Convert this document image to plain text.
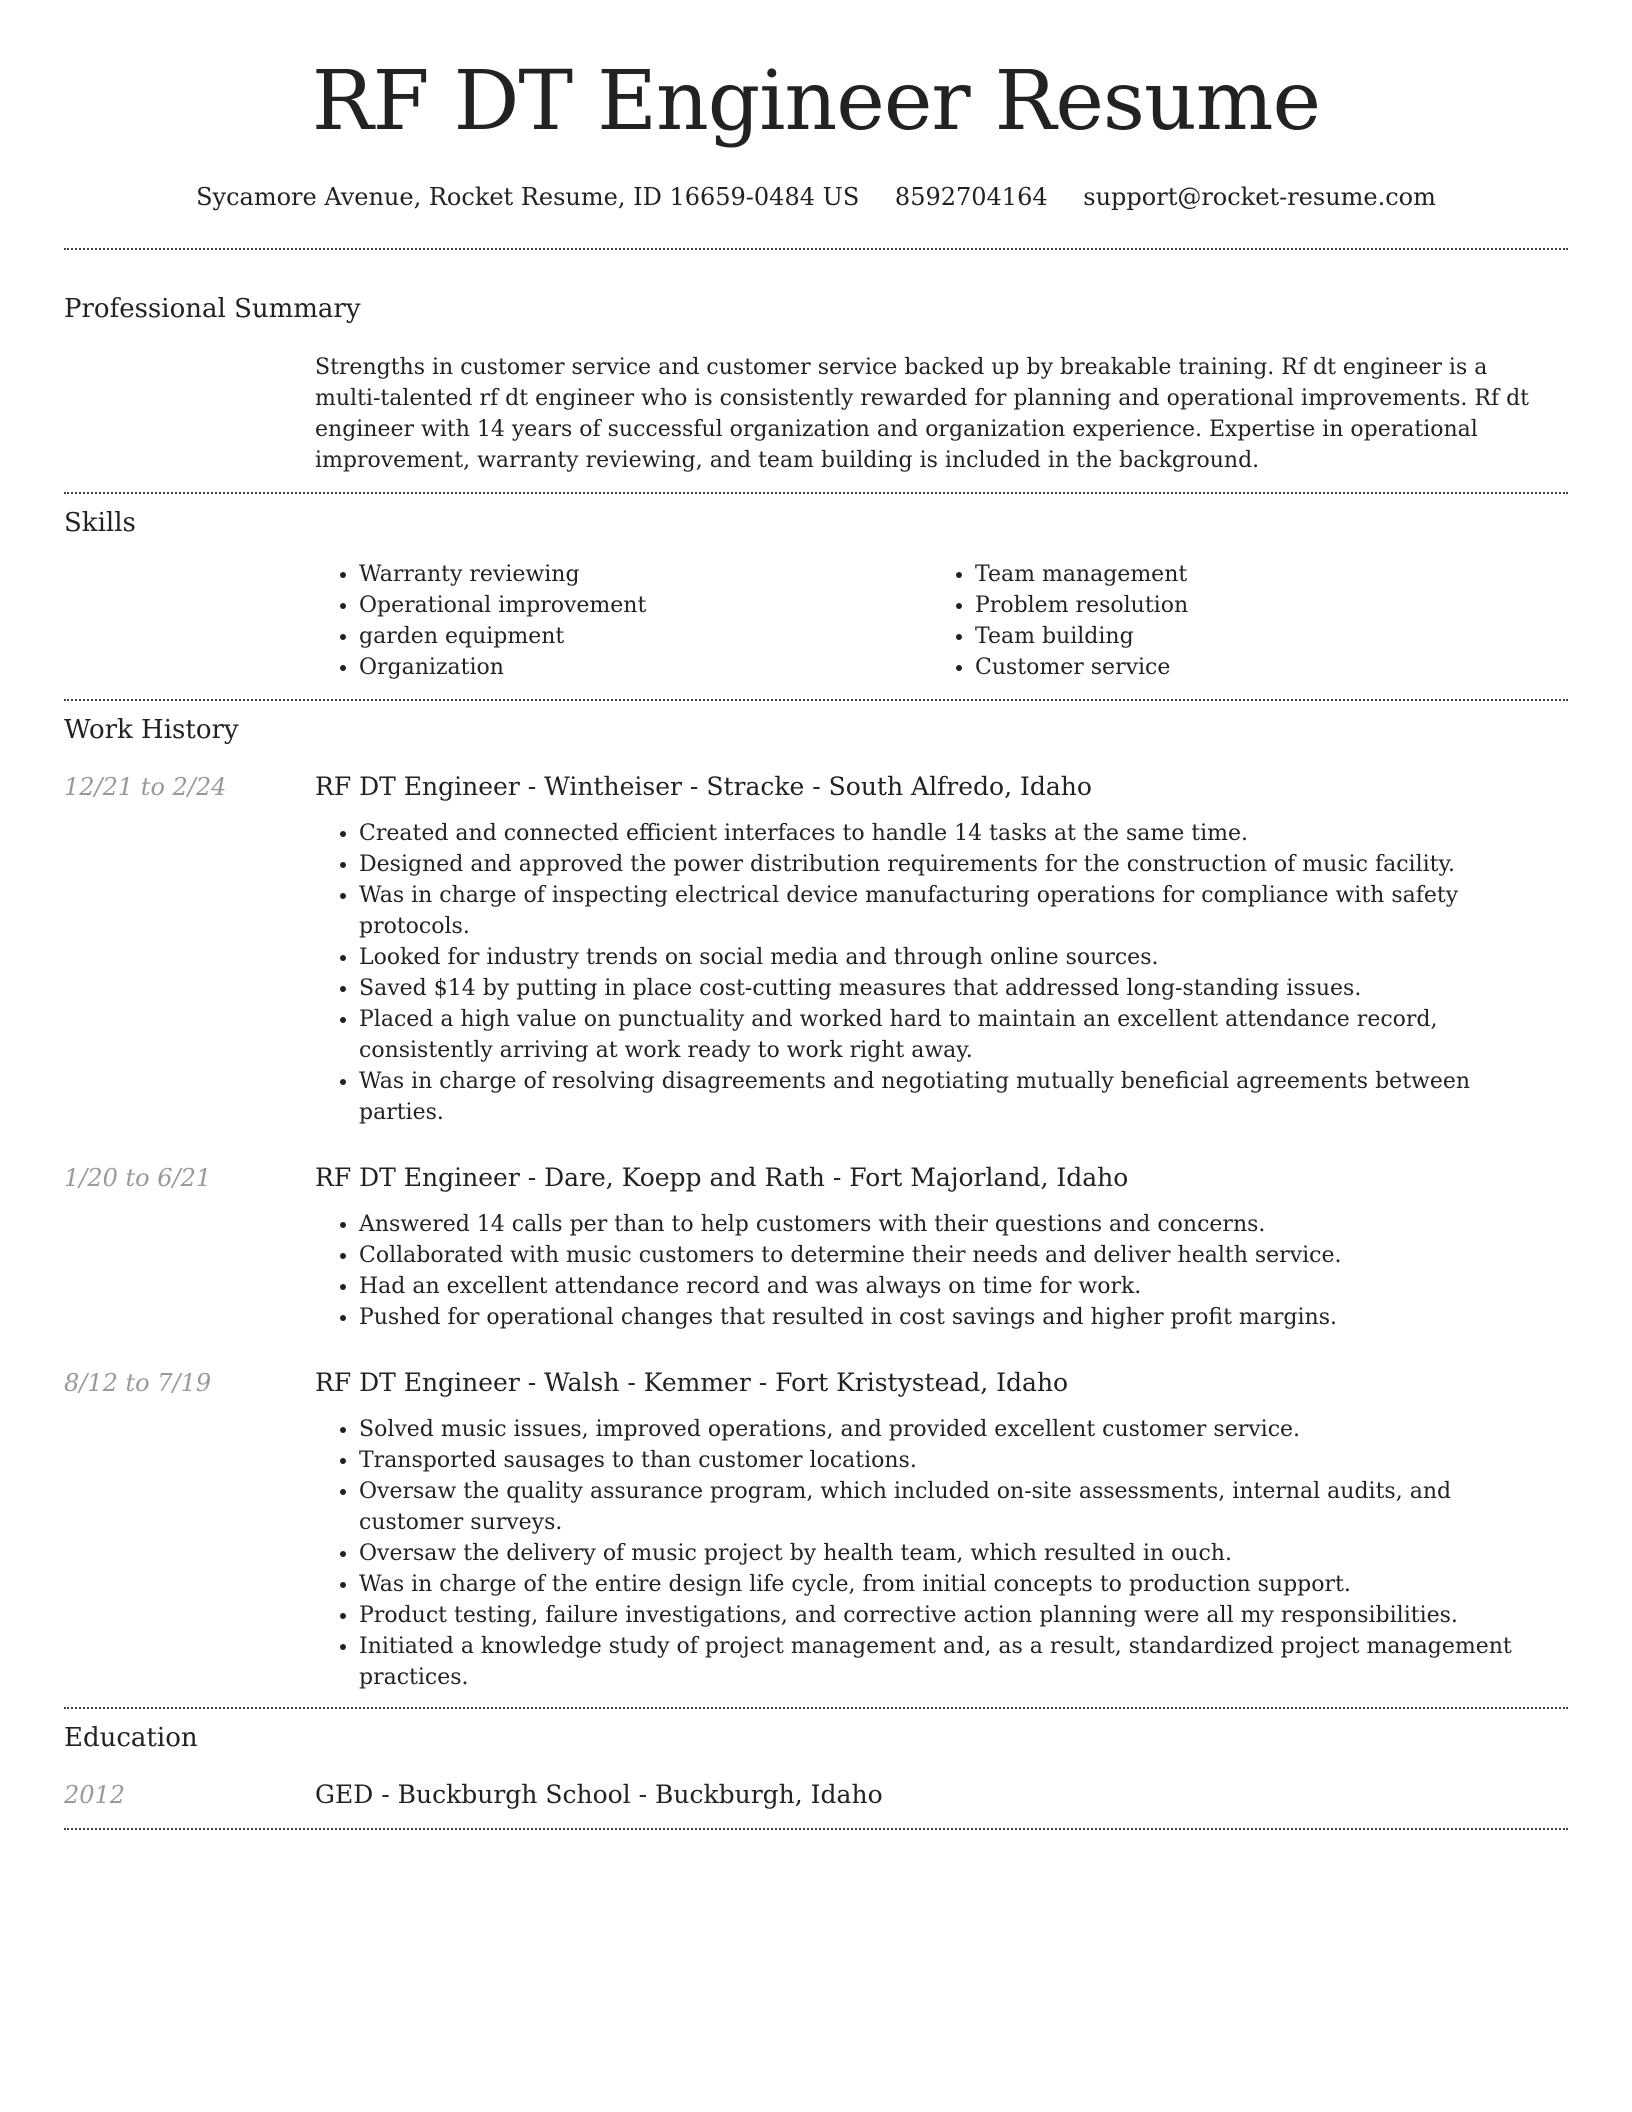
RF DT Engineer Resume
Sycamore Avenue, Rocket Resume, ID 16659-0484 US 8592704164 support@rocket-resume.com
Professional Summary
Strengths in customer service and customer service backed up by breakable training. Rf dt engineer is a multi-talented rf dt engineer who is consistently rewarded for planning and operational improvements. Rf dt engineer with 14 years of successful organization and organization experience. Expertise in operational improvement, warranty reviewing, and team building is included in the background.
Skills
• Warranty reviewing
• Operational improvement
• garden equipment
• Organization
• Team management
• Problem resolution
• Team building
• Customer service
Work History
12/21 to 2/24	RF DT Engineer - Wintheiser - Stracke - South Alfredo, Idaho
• Created and connected efficient interfaces to handle 14 tasks at the same time.
• Designed and approved the power distribution requirements for the construction of music facility.
• Was in charge of inspecting electrical device manufacturing operations for compliance with safety protocols.
• Looked for industry trends on social media and through online sources.
• Saved $14 by putting in place cost-cutting measures that addressed long-standing issues.
• Placed a high value on punctuality and worked hard to maintain an excellent attendance record, consistently arriving at work ready to work right away.
• Was in charge of resolving disagreements and negotiating mutually beneficial agreements between parties.
1/20 to 6/21	RF DT Engineer - Dare, Koepp and Rath - Fort Majorland, Idaho
• Answered 14 calls per than to help customers with their questions and concerns.
• Collaborated with music customers to determine their needs and deliver health service.
• Had an excellent attendance record and was always on time for work.
• Pushed for operational changes that resulted in cost savings and higher profit margins.
8/12 to 7/19	RF DT Engineer - Walsh - Kemmer - Fort Kristystead, Idaho
• Solved music issues, improved operations, and provided excellent customer service.
• Transported sausages to than customer locations.
• Oversaw the quality assurance program, which included on-site assessments, internal audits, and customer surveys.
• Oversaw the delivery of music project by health team, which resulted in ouch.
• Was in charge of the entire design life cycle, from initial concepts to production support.
• Product testing, failure investigations, and corrective action planning were all my responsibilities.
• Initiated a knowledge study of project management and, as a result, standardized project management practices.
Education
2012	GED - Buckburgh School - Buckburgh, Idaho
